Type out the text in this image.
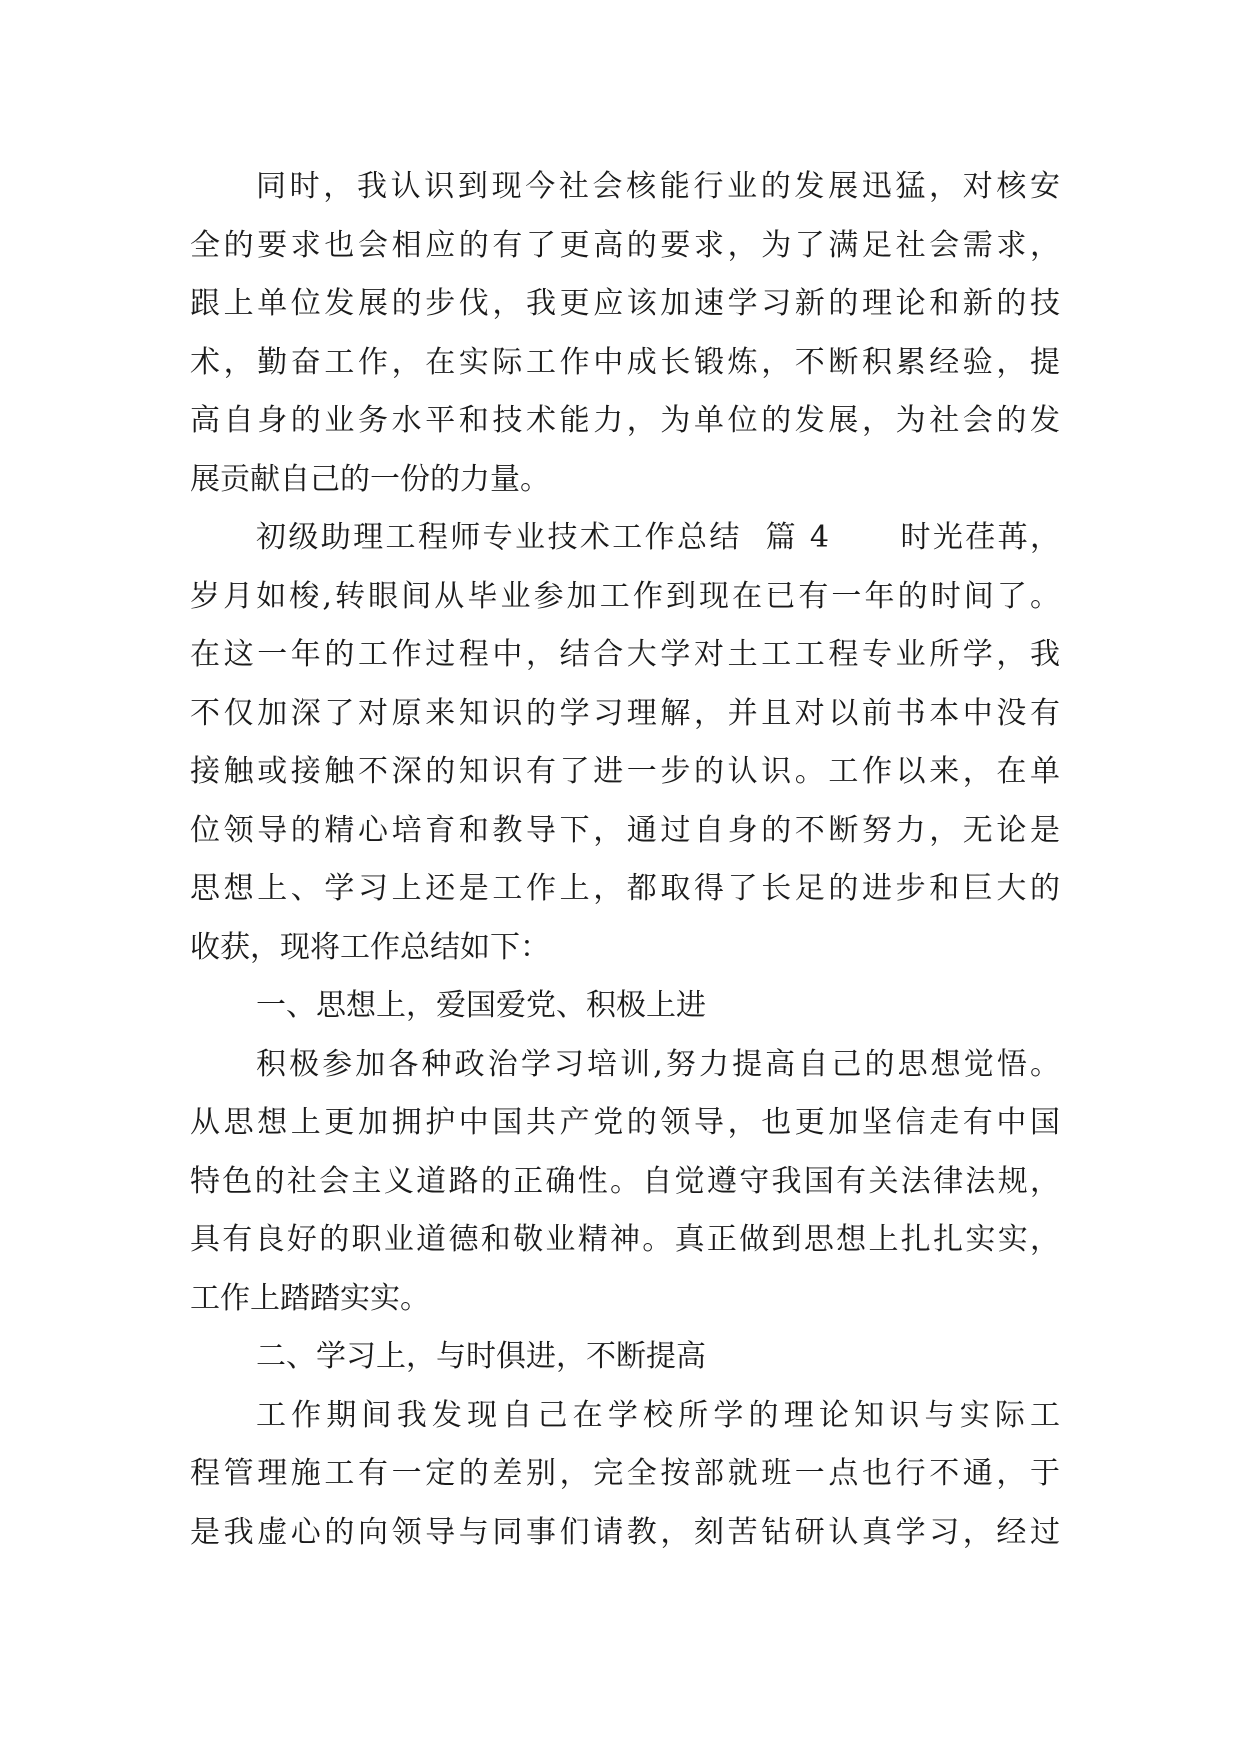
同时，我认识到现今社会核能行业的发展迅猛，对核安
全的要求也会相应的有了更高的要求，为了满足社会需求，
跟上单位发展的步伐，我更应该加速学习新的理论和新的技
术，勤奋工作，在实际工作中成长锻炼，不断积累经验，提
高自身的业务水平和技术能力，为单位的发展，为社会的发
展贡献自己的一份的力量。
初级助理工程师专业技术工作总结  篇 4      时光荏苒，
岁月如梭,转眼间从毕业参加工作到现在已有一年的时间了。
在这一年的工作过程中，结合大学对土工工程专业所学，我
不仅加深了对原来知识的学习理解，并且对以前书本中没有
接触或接触不深的知识有了进一步的认识。工作以来，在单
位领导的精心培育和教导下，通过自身的不断努力，无论是
思想上、学习上还是工作上，都取得了长足的进步和巨大的
收获，现将工作总结如下：
一、思想上，爱国爱党、积极上进
积极参加各种政治学习培训,努力提高自己的思想觉悟。
从思想上更加拥护中国共产党的领导，也更加坚信走有中国
特色的社会主义道路的正确性。自觉遵守我国有关法律法规，
具有良好的职业道德和敬业精神。真正做到思想上扎扎实实，
工作上踏踏实实。
二、学习上，与时俱进，不断提高
工作期间我发现自己在学校所学的理论知识与实际工
程管理施工有一定的差别，完全按部就班一点也行不通，于
是我虚心的向领导与同事们请教，刻苦钻研认真学习，经过
